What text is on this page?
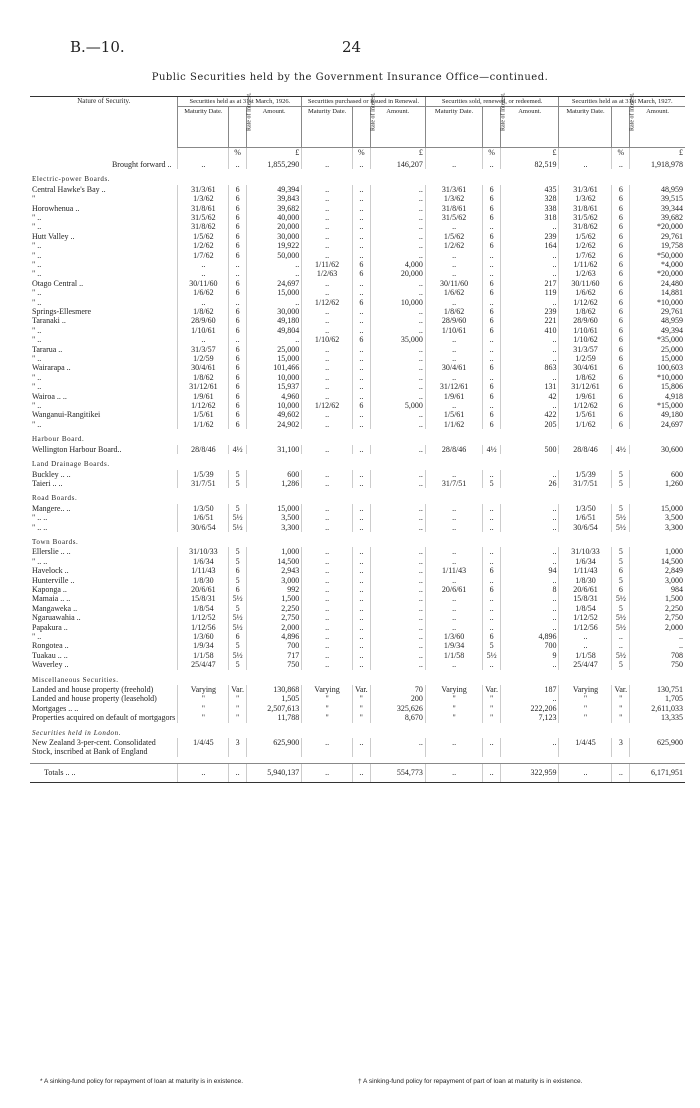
B.—10.	24
Public Securities held by the Government Insurance Office—continued.
Nature of Security.	Securities held as at 31st March, 1926.			Securities purchased or issued in Renewal.			Securities sold, renewed, or redeemed.			Securities held as at 31st March, 1927.		
	Maturity Date.	Rate of Interest.	Amount.	Maturity Date.	Rate of Interest.	Amount.	Maturity Date.	Rate of Interest.	Amount.	Maturity Date.	Rate of Interest.	Amount.
		%	£		%	£		%	£		%	£
Brought forward ..	..	..	1,855,290	..	..	146,207	..	..	82,519	..	..	1,918,978

Electric-power Boards.												
Central Hawke's Bay ..	31/3/61	6	49,394	..	..	..	31/3/61	6	435	31/3/61	6	48,959
"	1/3/62	6	39,843	..	..	..	1/3/62	6	328	1/3/62	6	39,515
Horowhenua ..	31/8/61	6	39,682	..	..	..	31/8/61	6	338	31/8/61	6	39,344
" ..	31/5/62	6	40,000	..	..	..	31/5/62	6	318	31/5/62	6	39,682
" ..	31/8/62	6	20,000	..	..	..	..	..	..	31/8/62	6	*20,000
Hutt Valley ..	1/5/62	6	30,000	..	..	..	1/5/62	6	239	1/5/62	6	29,761
" ..	1/2/62	6	19,922	..	..	..	1/2/62	6	164	1/2/62	6	19,758
" ..	1/7/62	6	50,000	..	..	..	..	..	..	1/7/62	6	*50,000
" ..	..	..	..	1/11/62	6	4,000	..	..	..	1/11/62	6	*4,000
" ..	..	..	..	1/2/63	6	20,000	..	..	..	1/2/63	6	*20,000
Otago Central ..	30/11/60	6	24,697	..	..	..	30/11/60	6	217	30/11/60	6	24,480
" ..	1/6/62	6	15,000	..	..	..	1/6/62	6	119	1/6/62	6	14,881
" ..	..	..	..	1/12/62	6	10,000	..	..	..	1/12/62	6	*10,000
Springs-Ellesmere	1/8/62	6	30,000	..	..	..	1/8/62	6	239	1/8/62	6	29,761
Taranaki ..	28/9/60	6	49,180	..	..	..	28/9/60	6	221	28/9/60	6	48,959
" ..	1/10/61	6	49,804	..	..	..	1/10/61	6	410	1/10/61	6	49,394
" ..	..	..	..	1/10/62	6	35,000	..	..	..	1/10/62	6	*35,000
Tararua ..	31/3/57	6	25,000	..	..	..	..	..	..	31/3/57	6	25,000
" ..	1/2/59	6	15,000	..	..	..	..	..	..	1/2/59	6	15,000
Wairarapa ..	30/4/61	6	101,466	..	..	..	30/4/61	6	863	30/4/61	6	100,603
" ..	1/8/62	6	10,000	..	..	..	..	..	..	1/8/62	6	*10,000
" ..	31/12/61	6	15,937	..	..	..	31/12/61	6	131	31/12/61	6	15,806
Wairoa .. ..	1/9/61	6	4,960	..	..	..	1/9/61	6	42	1/9/61	6	4,918
" ..	1/12/62	6	10,000	1/12/62	6	5,000	..	..	..	1/12/62	6	*15,000
Wanganui-Rangitikei	1/5/61	6	49,602	..	..	..	1/5/61	6	422	1/5/61	6	49,180
" ..	1/1/62	6	24,902	..	..	..	1/1/62	6	205	1/1/62	6	24,697

Harbour Board.												
Wellington Harbour Board..	28/8/46	4½	31,100	..	..	..	28/8/46	4½	500	28/8/46	4½	30,600

Land Drainage Boards.												
Buckley .. ..	1/5/39	5	600	..	..	..	..	..	..	1/5/39	5	600
Taieri .. ..	31/7/51	5	1,286	..	..	..	31/7/51	5	26	31/7/51	5	1,260

Road Boards.												
Mangere.. ..	1/3/50	5	15,000	..	..	..	..	..	..	1/3/50	5	15,000
" .. ..	1/6/51	5½	3,500	..	..	..	..	..	..	1/6/51	5½	3,500
" .. ..	30/6/54	5½	3,300	..	..	..	..	..	..	30/6/54	5½	3,300

Town Boards.												
Ellerslie .. ..	31/10/33	5	1,000	..	..	..	..	..	..	31/10/33	5	1,000
" .. ..	1/6/34	5	14,500	..	..	..	..	..	..	1/6/34	5	14,500
Havelock ..	1/11/43	6	2,943	..	..	..	1/11/43	6	94	1/11/43	6	2,849
Hunterville ..	1/8/30	5	3,000	..	..	..	..	..	..	1/8/30	5	3,000
Kaponga ..	20/6/61	6	992	..	..	..	20/6/61	6	8	20/6/61	6	984
Mamaia .. ..	15/8/31	5½	1,500	..	..	..	..	..	..	15/8/31	5½	1,500
Mangaweka ..	1/8/54	5	2,250	..	..	..	..	..	..	1/8/54	5	2,250
Ngaruawahia ..	1/12/52	5½	2,750	..	..	..	..	..	..	1/12/52	5½	2,750
Papakura ..	1/12/56	5½	2,000	..	..	..	..	..	..	1/12/56	5½	2,000
" ..	1/3/60	6	4,896	..	..	..	1/3/60	6	4,896	..	..	..
Rongotea ..	1/9/34	5	700	..	..	..	1/9/34	5	700	..	..	..
Tuakau .. ..	1/1/58	5½	717	..	..	..	1/1/58	5½	9	1/1/58	5½	708
Waverley ..	25/4/47	5	750	..	..	..	..	..	..	25/4/47	5	750

Miscellaneous Securities.												
Landed and house property (freehold)	Varying	Var.	130,868	Varying	Var.	70	Varying	Var.	187	Varying	Var.	130,751
Landed and house property (leasehold)	"	"	1,505	"	"	200	"	"	..	"	"	1,705
Mortgages .. ..	"	"	2,507,613	"	"	325,626	"	"	222,206	"	"	2,611,033
Properties acquired on default of mortgagors	"	"	11,788	"	"	8,670	"	"	7,123	"	"	13,335

Securities held in London.												
New Zealand 3-per-cent. Consolidated Stock, inscribed at Bank of England	1/4/45	3	625,900	..	..	..	..	..	..	1/4/45	3	625,900

Totals .. ..	..	..	5,940,137	..	..	554,773	..	..	322,959	..	..	6,171,951
* A sinking-fund policy for repayment of loan at maturity is in existence.	† A sinking-fund policy for repayment of part of loan at maturity is in existence.
